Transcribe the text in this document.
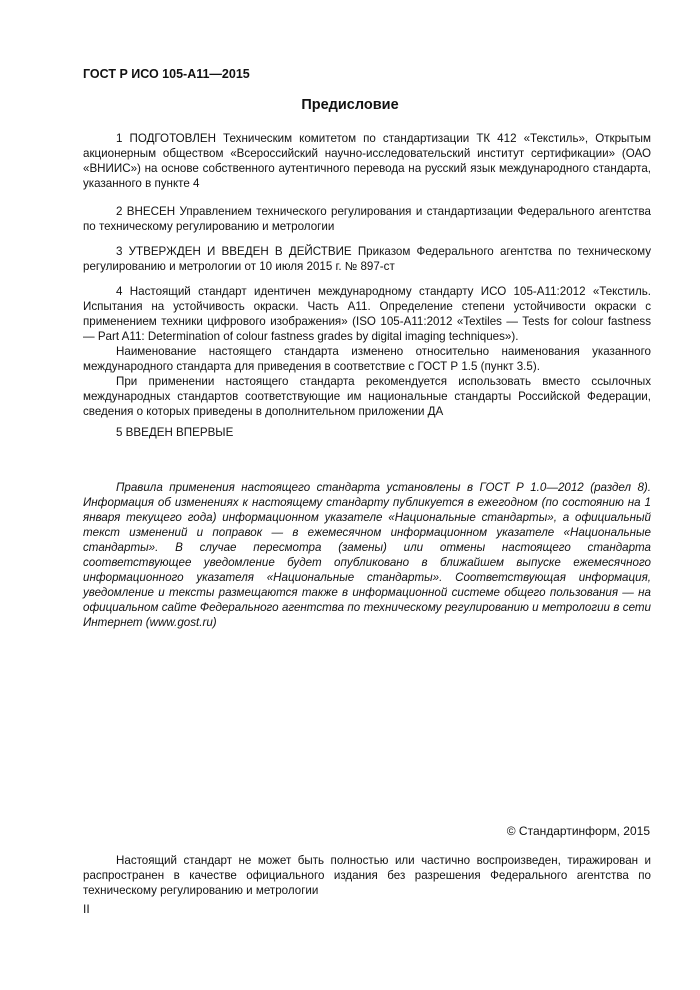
ГОСТ Р ИСО 105-А11—2015
Предисловие

1 ПОДГОТОВЛЕН Техническим комитетом по стандартизации ТК 412 «Текстиль», Открытым акционерным обществом «Всероссийский научно-исследовательский институт сертификации» (ОАО «ВНИИС») на основе собственного аутентичного перевода на русский язык международного стандарта, указанного в пункте 4

2 ВНЕСЕН Управлением технического регулирования и стандартизации Федерального агентства по техническому регулированию и метрологии

3 УТВЕРЖДЕН И ВВЕДЕН В ДЕЙСТВИЕ Приказом Федерального агентства по техническому регулированию и метрологии от 10 июля 2015 г. № 897-ст

4 Настоящий стандарт идентичен международному стандарту ИСО 105-А11:2012 «Текстиль. Испытания на устойчивость окраски. Часть А11. Определение степени устойчивости окраски с применением техники цифрового изображения» (ISO 105-A11:2012 «Textiles — Tests for colour fastness — Part A11: Determination of colour fastness grades by digital imaging techniques»).

Наименование настоящего стандарта изменено относительно наименования указанного международного стандарта для приведения в соответствие с ГОСТ Р 1.5 (пункт 3.5).

При применении настоящего стандарта рекомендуется использовать вместо ссылочных международных стандартов соответствующие им национальные стандарты Российской Федерации, сведения о которых приведены в дополнительном приложении ДА

5 ВВЕДЕН ВПЕРВЫЕ

Правила применения настоящего стандарта установлены в ГОСТ Р 1.0—2012 (раздел 8). Информация об изменениях к настоящему стандарту публикуется в ежегодном (по состоянию на 1 января текущего года) информационном указателе «Национальные стандарты», а официальный текст изменений и поправок — в ежемесячном информационном указателе «Национальные стандарты». В случае пересмотра (замены) или отмены настоящего стандарта соответствующее уведомление будет опубликовано в ближайшем выпуске ежемесячного информационного указателя «Национальные стандарты». Соответствующая информация, уведомление и тексты размещаются также в информационной системе общего пользования — на официальном сайте Федерального агентства по техническому регулированию и метрологии в сети Интернет (www.gost.ru)

© Стандартинформ, 2015

Настоящий стандарт не может быть полностью или частично воспроизведен, тиражирован и распространен в качестве официального издания без разрешения Федерального агентства по техническому регулированию и метрологии

II
